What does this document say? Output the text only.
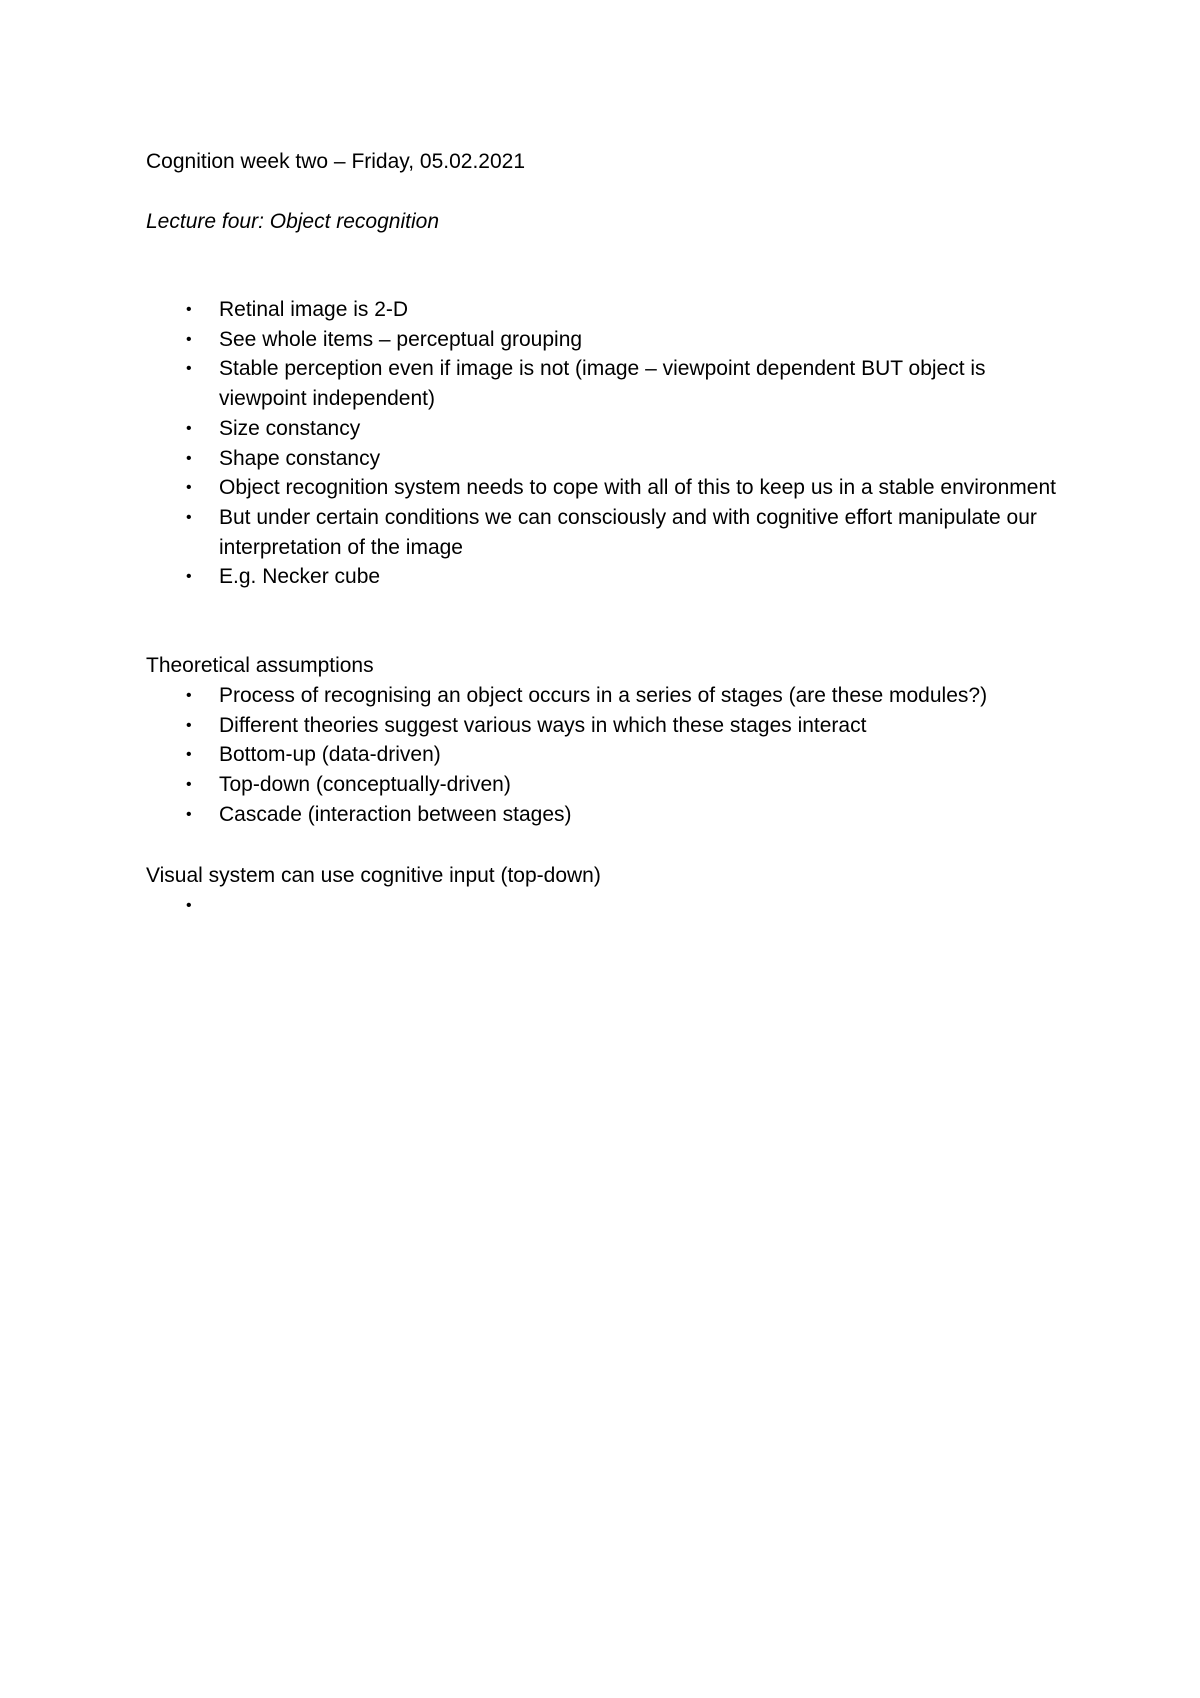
Cognition week two – Friday, 05.02.2021
Lecture four: Object recognition
• Retinal image is 2-D
• See whole items – perceptual grouping
• Stable perception even if image is not (image – viewpoint dependent BUT object is viewpoint independent)
• Size constancy
• Shape constancy
• Object recognition system needs to cope with all of this to keep us in a stable environment
• But under certain conditions we can consciously and with cognitive effort manipulate our interpretation of the image
• E.g. Necker cube
Theoretical assumptions
• Process of recognising an object occurs in a series of stages (are these modules?)
• Different theories suggest various ways in which these stages interact
• Bottom-up (data-driven)
• Top-down (conceptually-driven)
• Cascade (interaction between stages)
Visual system can use cognitive input (top-down)
•
